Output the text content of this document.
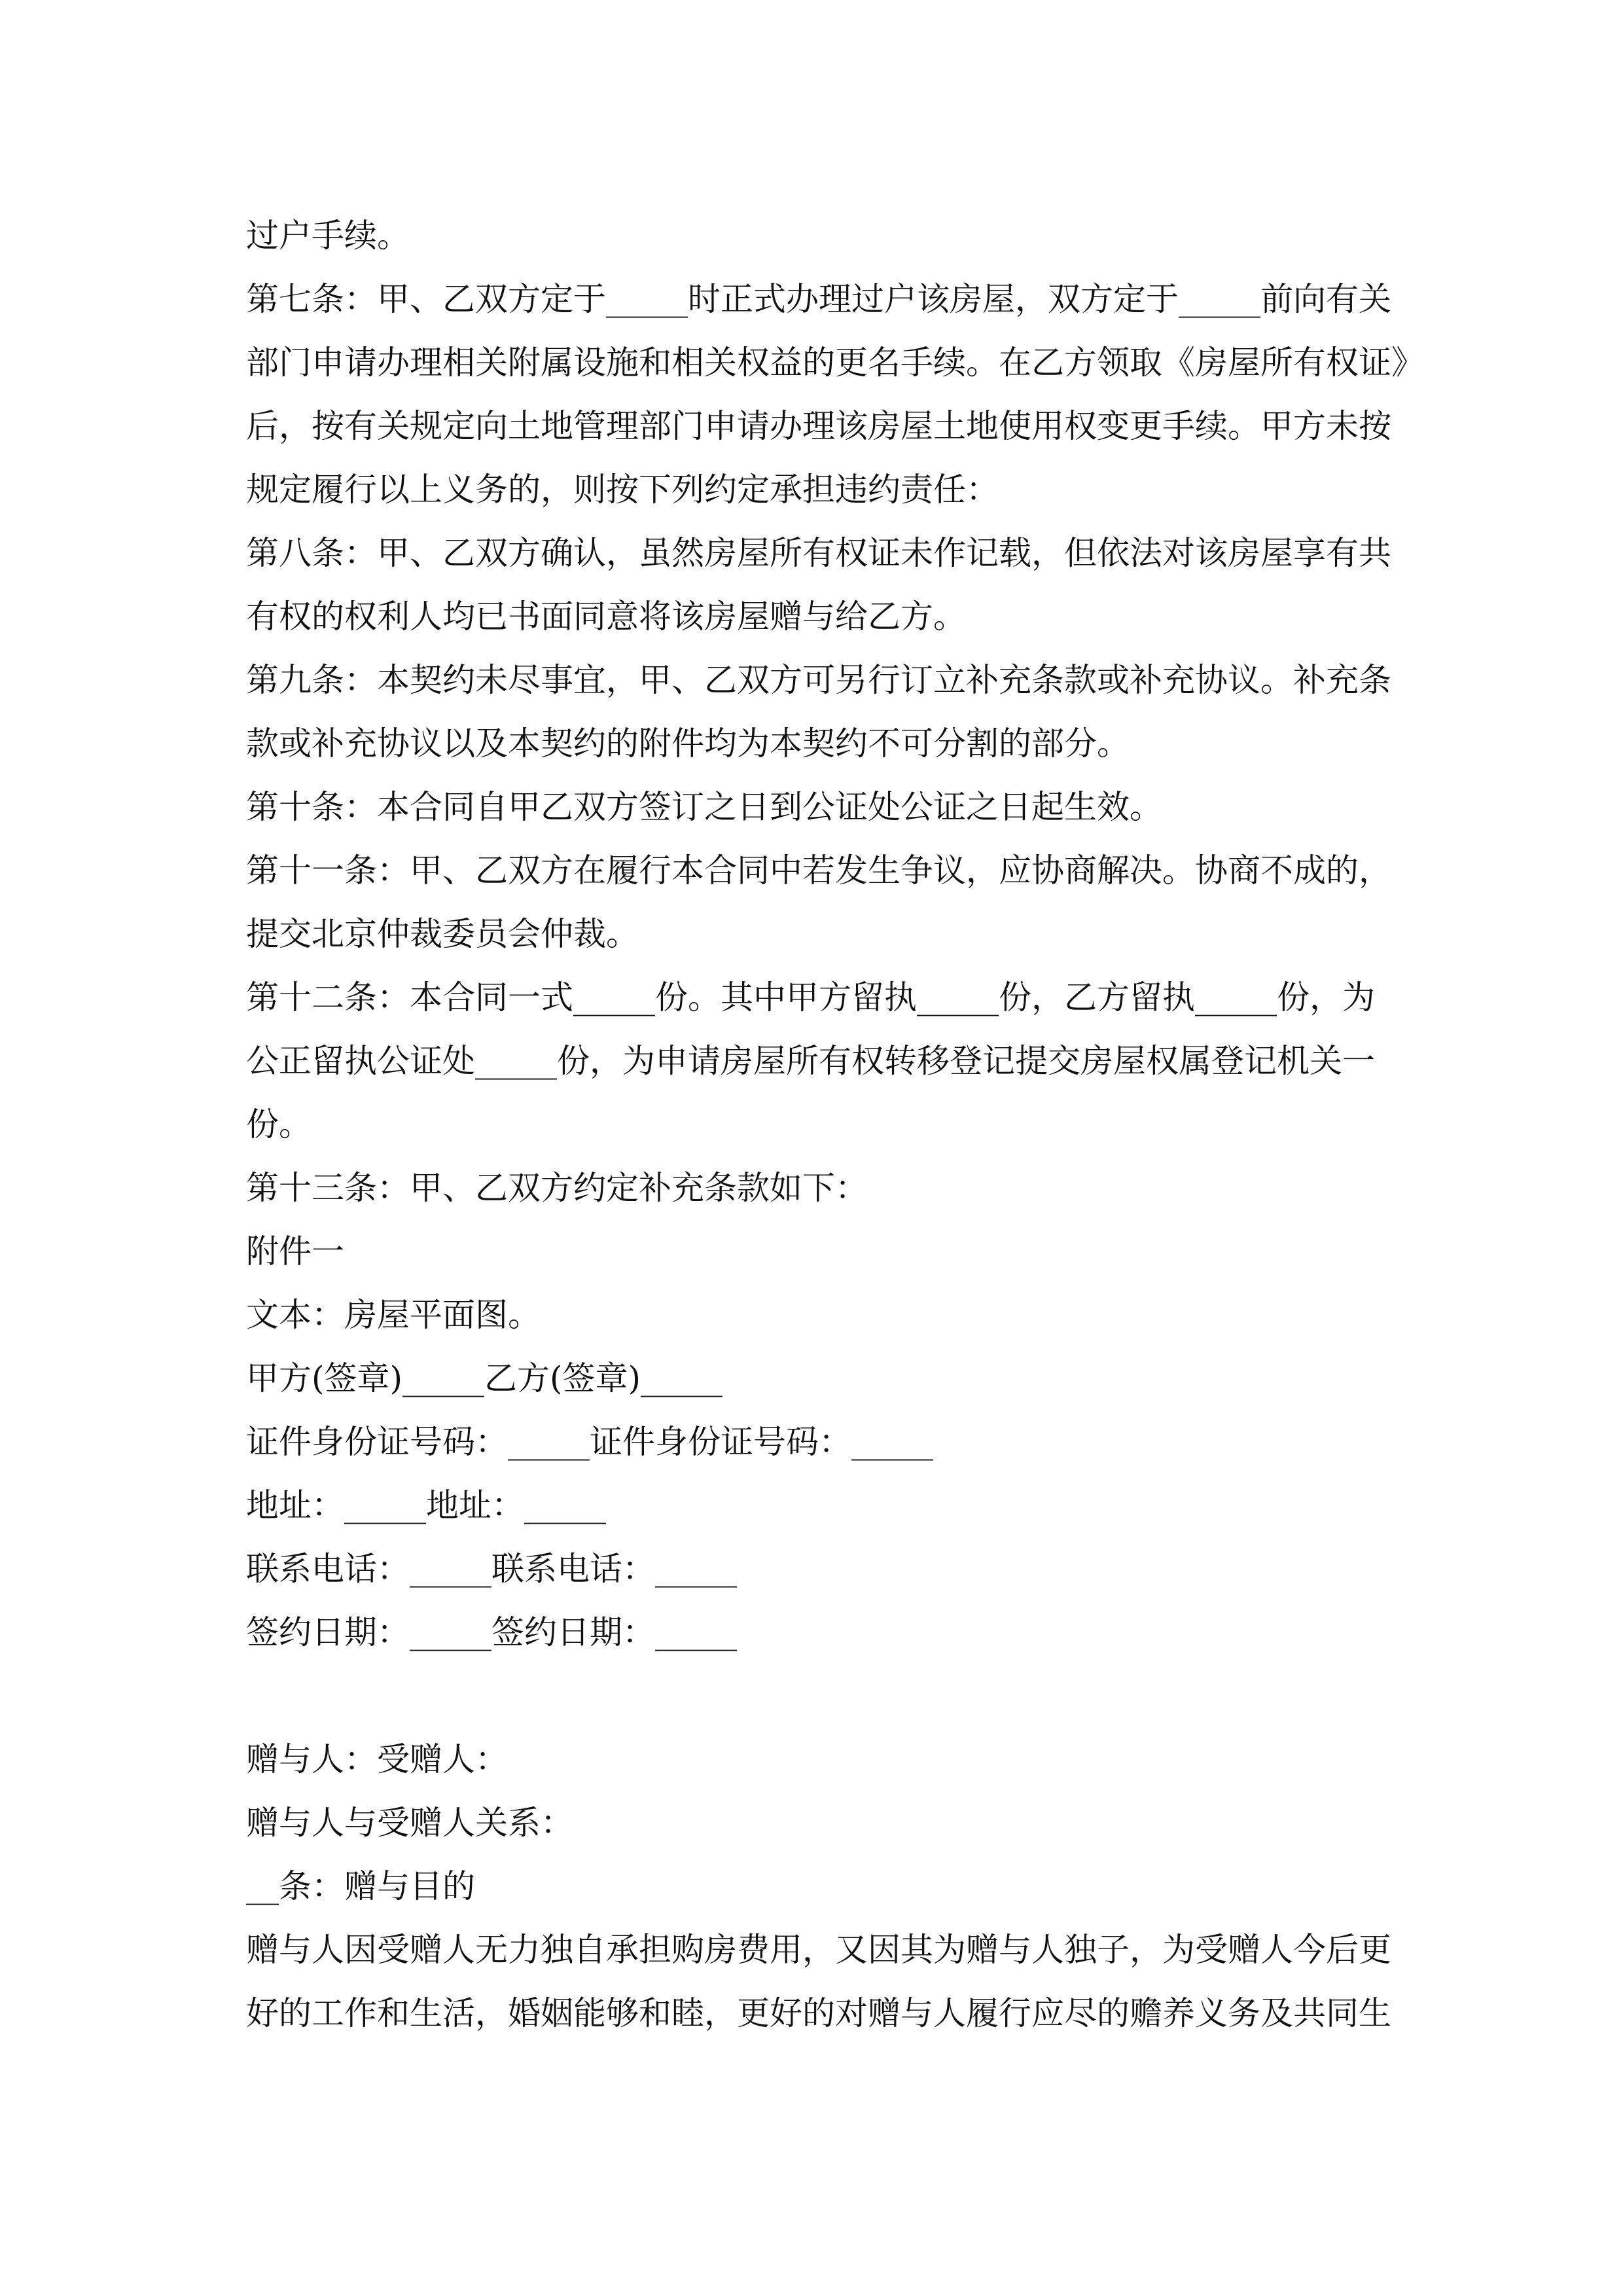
过户手续。
第七条：甲、乙双方定于_____时正式办理过户该房屋，双方定于_____前向有关
部门申请办理相关附属设施和相关权益的更名手续。在乙方领取《房屋所有权证》
后，按有关规定向土地管理部门申请办理该房屋土地使用权变更手续。甲方未按
规定履行以上义务的，则按下列约定承担违约责任：
第八条：甲、乙双方确认，虽然房屋所有权证未作记载，但依法对该房屋享有共
有权的权利人均已书面同意将该房屋赠与给乙方。
第九条：本契约未尽事宜，甲、乙双方可另行订立补充条款或补充协议。补充条
款或补充协议以及本契约的附件均为本契约不可分割的部分。
第十条：本合同自甲乙双方签订之日到公证处公证之日起生效。
第十一条：甲、乙双方在履行本合同中若发生争议，应协商解决。协商不成的，
提交北京仲裁委员会仲裁。
第十二条：本合同一式_____份。其中甲方留执_____份，乙方留执_____份，为
公正留执公证处_____份，为申请房屋所有权转移登记提交房屋权属登记机关一
份。
第十三条：甲、乙双方约定补充条款如下：
附件一
文本：房屋平面图。
甲方(签章)_____乙方(签章)_____
证件身份证号码：_____证件身份证号码：_____
地址：_____地址：_____
联系电话：_____联系电话：_____
签约日期：_____签约日期：_____
赠与人：受赠人：
赠与人与受赠人关系：
__条：赠与目的
赠与人因受赠人无力独自承担购房费用，又因其为赠与人独子，为受赠人今后更
好的工作和生活，婚姻能够和睦，更好的对赠与人履行应尽的赡养义务及共同生
